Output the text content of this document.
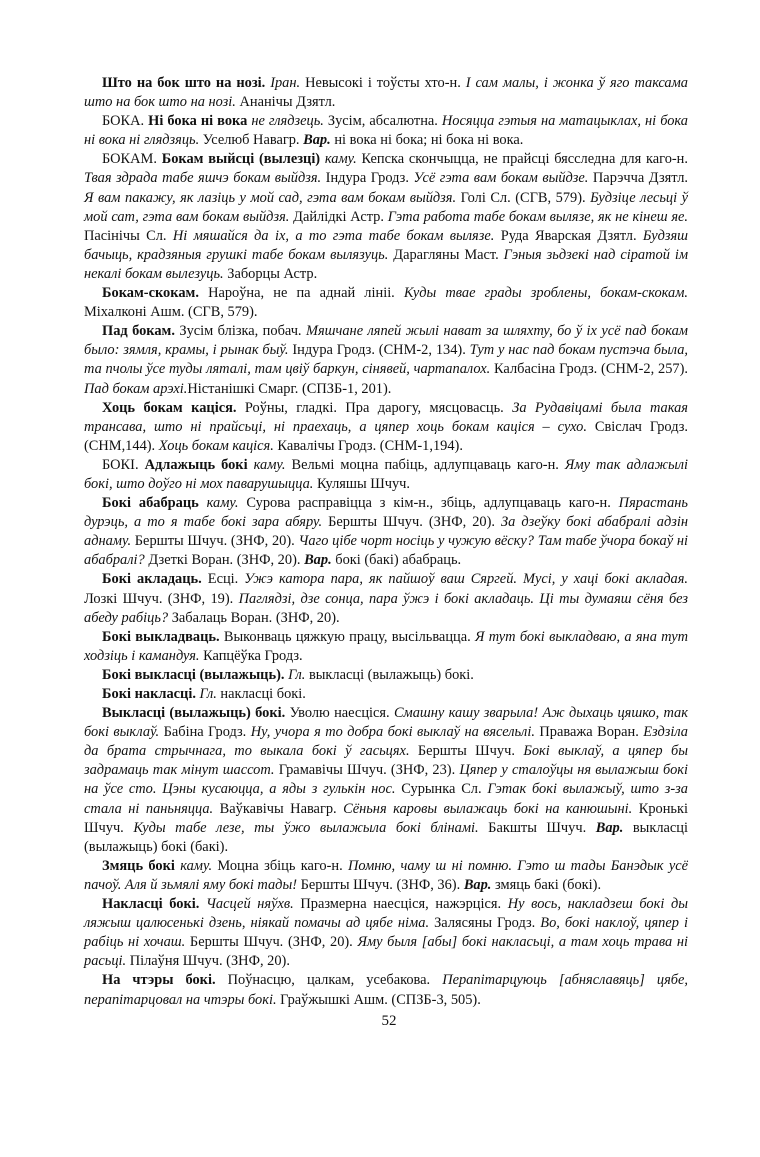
Што на бок што на нозі. Іран. Невысокі і тоўсты хто-н. І сам малы, і жонка ў яго таксама што на бок што на нозі. Ананічы Дзятл.

БОКА. Ні бока ні вока не глядзець. Зусім, абсалютна. Носяцца гэтыя на матацыклах, ні бока ні вока ні глядзяць. Уселюб Навагр. Вар. ні вока ні бока; ні бока ні вока.

БОКАМ. Бокам выйсці (вылезці) каму. Кепска скончыцца, не прайсці бясследна для каго-н. Твая здрада табе яшчэ бокам выйдзя. Індура Гродз. Усё гэта вам бокам выйдзе. Парэчча Дзятл. Я вам пакажу, як лазіць у мой сад, гэта вам бокам выйдзя. Голі Сл. (СГВ, 579). Будзіце лесьці ў мой сат, гэта вам бокам выйдзя. Дайлідкі Астр. Гэта работа табе бокам вылязе, як не кінеш яе. Пасінічы Сл. Ні мяшайся да іх, а то гэта табе бокам вылязе. Руда Яварская Дзятл. Будзяш бачыць, крадзяныя грушкі табе бокам вылязуць. Дарагляны Маст. Гэныя зьдзекі над сіратой ім некалі бокам вылезуць. Заборцы Астр.

Бокам-скокам. Нароўна, не па аднай лініі. Куды твае грады зроблены, бокам-скокам. Міхалконі Ашм. (СГВ, 579).

Пад бокам. Зусім блізка, побач. Мяшчане ляпей жылі нават за шляхту, бо ў іх усё пад бокам было: зямля, крамы, і рынак быў. Індура Гродз. (СНМ-2, 134). Тут у нас пад бокам пустэча была, та пчолы ўсе туды ляталі, там цвіў баркун, сінявей, чартапалох. Калбасіна Гродз. (СНМ-2, 257). Пад бокам арэхі.Ністанішкі Смарг. (СПЗБ-1, 201).

Хоць бокам каціся. Роўны, гладкі. Пра дарогу, мясцовасць. За Рудавіцамі была такая трансава, што ні прайсьці, ні праехаць, а цяпер хоць бокам каціся – сухо. Свіслач Гродз. (СНМ,144). Хоць бокам каціся. Кавалічы Гродз. (СНМ-1,194).

БОКІ. Адлажыць бокі каму. Вельмі моцна пабіць, адлупцаваць каго-н. Яму так адлажылі бокі, што доўго ні мох паварушыцца. Куляшы Шчуч.

Бокі абабраць каму. Сурова расправіцца з кім-н., збіць, адлупцаваць каго-н. Пярастань дурэць, а то я табе бокі зара абяру. Бершты Шчуч. (ЗНФ, 20). За дзеўку бокі абабралі адзін аднаму. Бершты Шчуч. (ЗНФ, 20). Чаго цібе чорт носіць у чужую вёску? Там табе ўчора бокаў ні абабралі? Дзеткі Воран. (ЗНФ, 20). Вар. бокі (бакі) абабраць.

Бокі акладаць. Есці. Ужэ катора пара, як пайшоў ваш Сяргей. Мусі, у хаці бокі акладая. Лозкі Шчуч. (ЗНФ, 19). Паглядзі, дзе сонца, пара ўжэ і бокі акладаць. Ці ты думаяш сёня без абеду рабіць? Забалаць Воран. (ЗНФ, 20).

Бокі выкладваць. Выконваць цяжкую працу, высільвацца. Я тут бокі выкладваю, а яна тут ходзіць і камандуя. Капцёўка Гродз.

Бокі выкласці (вылажыць). Гл. выкласці (вылажыць) бокі.

Бокі накласці. Гл. накласці бокі.

Выкласці (вылажыць) бокі. Уволю наесціся. Смашну кашу зварыла! Аж дыхаць цяшко, так бокі выклаў. Бабіна Гродз. Ну, учора я то добра бокі выклаў на вясельлі. Праважа Воран. Ездзіла да брата стрычнага, то выкала бокі ў гасьцях. Бершты Шчуч. Бокі выклаў, а цяпер бы задрамаць так мінут шассот. Грамавічы Шчуч. (ЗНФ, 23). Цяпер у сталоўцы ня вылажыш бокі на ўсе сто. Цэны кусаюцца, а яды з гулькін нос. Сурынка Сл. Гэтак бокі вылажыў, што з-за стала ні паньняцца. Ваўкавічы Навагр. Сёньня каровы вылажаць бокі на канюшыні. Кронькі Шчуч. Куды табе лезе, ты ўжо вылажыла бокі блінамі. Бакшты Шчуч. Вар. выкласці (вылажыць) бокі (бакі).

Змяць бокі каму. Моцна збіць каго-н. Помню, чаму ш ні помню. Гэто ш тады Банэдык усё пачоў. Аля й зьмялі яму бокі тады! Бершты Шчуч. (ЗНФ, 36). Вар. змяць бакі (бокі).

Накласці бокі. Часцей няўхв. Празмерна наесціся, нажэрціся. Ну вось, накладзеш бокі ды ляжыш цалюсенькі дзень, ніякай помачы ад цябе німа. Залясяны Гродз. Во, бокі наклоў, цяпер і рабіць ні хочаш. Бершты Шчуч. (ЗНФ, 20). Яму быля [абы] бокі накласьці, а там хоць трава ні расьці. Пілаўня Шчуч. (ЗНФ, 20).

На чтэры бокі. Поўнасцю, цалкам, усебакова. Перапітарцуюць [абняславяць] цябе, перапітарцовал на чтэры бокі. Граўжышкі Ашм. (СПЗБ-3, 505).

52
